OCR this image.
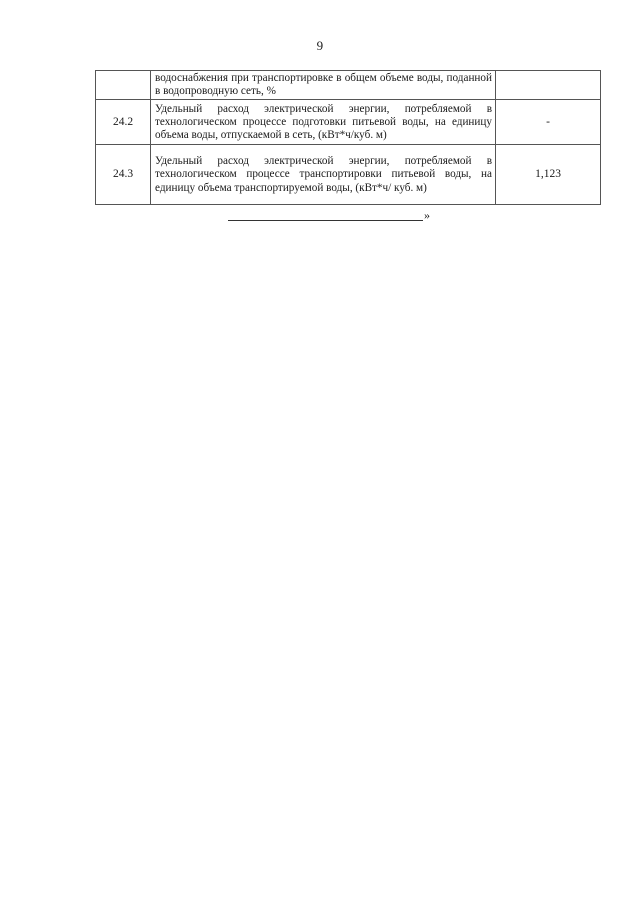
9
	водоснабжения при транспортировке в общем объеме воды, поданной в водопроводную сеть, %	
24.2	Удельный расход электрической энергии, потребляемой в технологическом процессе подготовки питьевой воды, на единицу объема воды, отпускаемой в сеть, (кВт*ч/куб. м)	-
24.3	Удельный расход электрической энергии, потребляемой в технологическом процессе транспортировки питьевой воды, на единицу объема транспортируемой воды, (кВт*ч/ куб. м)	1,123
»
